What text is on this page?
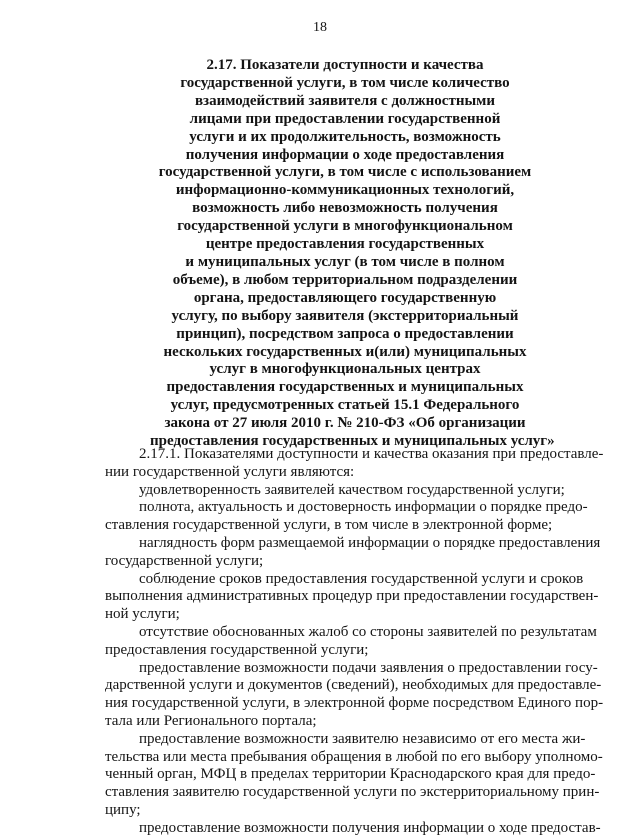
18
2.17. Показатели доступности и качества
государственной услуги, в том числе количество
взаимодействий заявителя с должностными
лицами при предоставлении государственной
услуги и их продолжительность, возможность
получения информации о ходе предоставления
государственной услуги, в том числе с использованием
информационно-коммуникационных технологий,
возможность либо невозможность получения
государственной услуги в многофункциональном
центре предоставления государственных
и муниципальных услуг (в том числе в полном
объеме), в любом территориальном подразделении
органа, предоставляющего государственную
услугу, по выбору заявителя (экстерриториальный
принцип), посредством запроса о предоставлении
нескольких государственных и(или) муниципальных
услуг в многофункциональных центрах
предоставления государственных и муниципальных
услуг, предусмотренных статьей 15.1 Федерального
закона от 27 июля 2010 г. № 210-ФЗ «Об организации
предоставления государственных и муниципальных услуг»
2.17.1. Показателями доступности и качества оказания при предоставле-
нии государственной услуги являются:
удовлетворенность заявителей качеством государственной услуги;
полнота, актуальность и достоверность информации о порядке предо-
ставления государственной услуги, в том числе в электронной форме;
наглядность форм размещаемой информации о порядке предоставления
государственной услуги;
соблюдение сроков предоставления государственной услуги и сроков
выполнения административных процедур при предоставлении государствен-
ной услуги;
отсутствие обоснованных жалоб со стороны заявителей по результатам
предоставления государственной услуги;
предоставление возможности подачи заявления о предоставлении госу-
дарственной услуги и документов (сведений), необходимых для предоставле-
ния государственной услуги, в электронной форме посредством Единого пор-
тала или Регионального портала;
предоставление возможности заявителю независимо от его места жи-
тельства или места пребывания обращения в любой по его выбору уполномо-
ченный орган, МФЦ в пределах территории Краснодарского края для предо-
ставления заявителю государственной услуги по экстерриториальному прин-
ципу;
предоставление возможности получения информации о ходе предостав-
